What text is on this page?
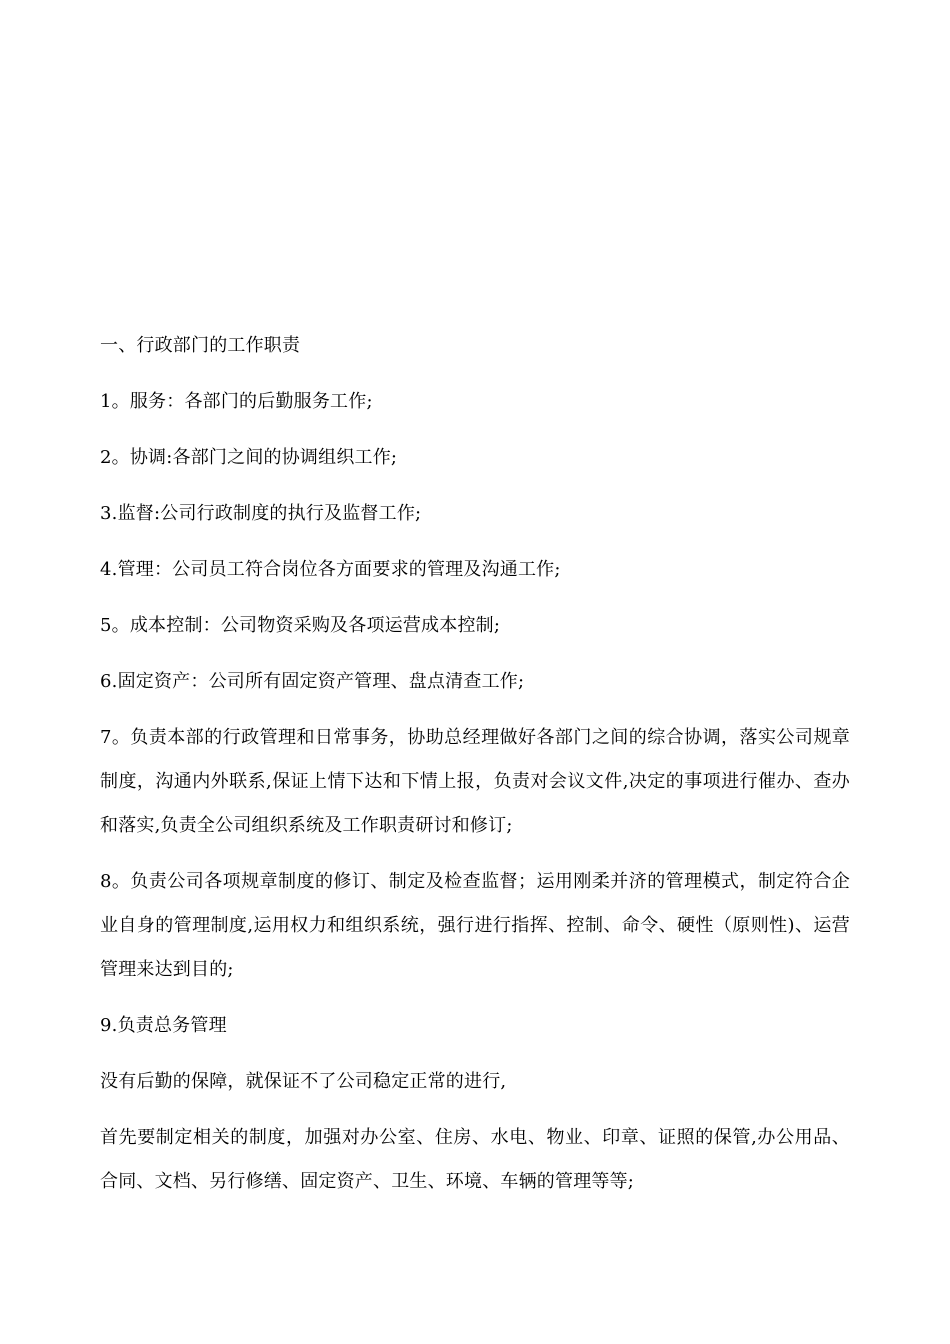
一、行政部门的工作职责

1。服务：各部门的后勤服务工作;

2。协调:各部门之间的协调组织工作;

3.监督:公司行政制度的执行及监督工作;

4.管理：公司员工符合岗位各方面要求的管理及沟通工作;

5。成本控制：公司物资采购及各项运营成本控制;

6.固定资产：公司所有固定资产管理、盘点清查工作;

7。负责本部的行政管理和日常事务，协助总经理做好各部门之间的综合协调，落实公司规章制度，沟通内外联系,保证上情下达和下情上报，负责对会议文件,决定的事项进行催办、查办和落实,负责全公司组织系统及工作职责研讨和修订;

8。负责公司各项规章制度的修订、制定及检查监督；运用刚柔并济的管理模式，制定符合企业自身的管理制度,运用权力和组织系统，强行进行指挥、控制、命令、硬性（原则性)、运营管理来达到目的;

9.负责总务管理

没有后勤的保障，就保证不了公司稳定正常的进行,

首先要制定相关的制度，加强对办公室、住房、水电、物业、印章、证照的保管,办公用品、合同、文档、另行修缮、固定资产、卫生、环境、车辆的管理等等;
